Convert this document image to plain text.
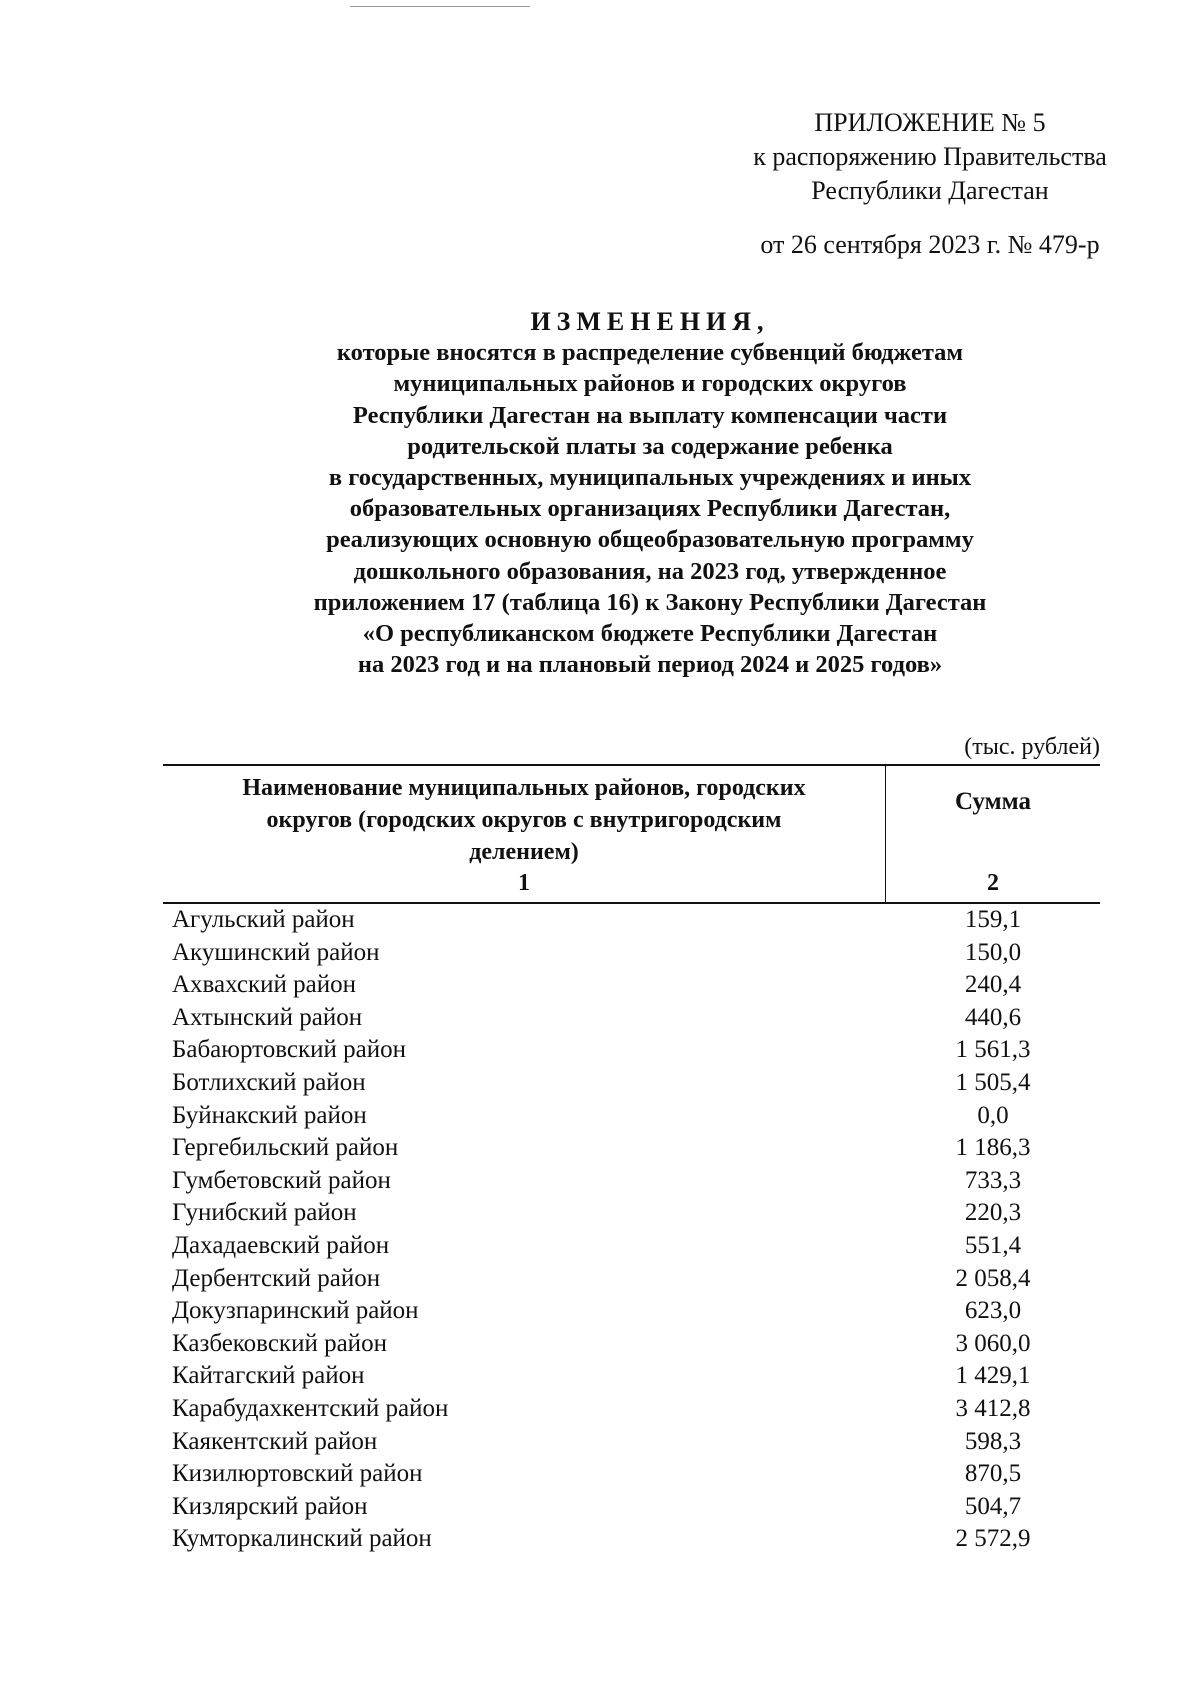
ПРИЛОЖЕНИЕ № 5
к распоряжению Правительства
Республики Дагестан
от 26 сентября 2023 г. № 479-р
ИЗМЕНЕНИЯ,
которые вносятся в распределение субвенций бюджетам
муниципальных районов и городских округов
Республики Дагестан на выплату компенсации части
родительской платы за содержание ребенка
в государственных, муниципальных учреждениях и иных
образовательных организациях Республики Дагестан,
реализующих основную общеобразовательную программу
дошкольного образования, на 2023 год, утвержденное
приложением 17 (таблица 16) к Закону Республики Дагестан
«О республиканском бюджете Республики Дагестан
на 2023 год и на плановый период 2024 и 2025 годов»
(тыс. рублей)
Наименование муниципальных районов, городских
округов (городских округов с внутригородским
делением)
Сумма
1	2
Агульский район	159,1
Акушинский район	150,0
Ахвахский район	240,4
Ахтынский район	440,6
Бабаюртовский район	1 561,3
Ботлихский район	1 505,4
Буйнакский район	0,0
Гергебильский район	1 186,3
Гумбетовский район	733,3
Гунибский район	220,3
Дахадаевский район	551,4
Дербентский район	2 058,4
Докузпаринский район	623,0
Казбековский район	3 060,0
Кайтагский район	1 429,1
Карабудахкентский район	3 412,8
Каякентский район	598,3
Кизилюртовский район	870,5
Кизлярский район	504,7
Кумторкалинский район	2 572,9
